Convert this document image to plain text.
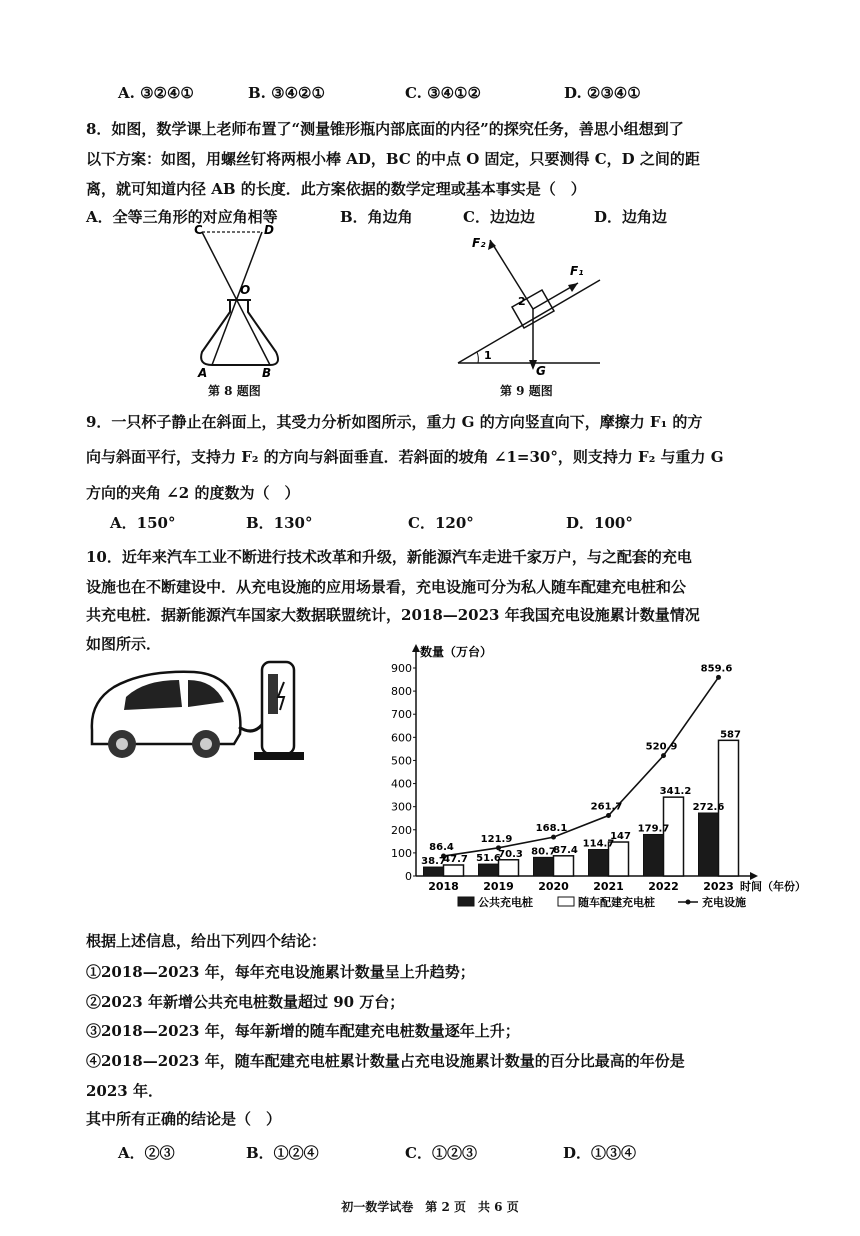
A. ③②④①	B. ③④②①	C. ③④①②	D. ②③④①
8．如图，数学课上老师布置了“测量锥形瓶内部底面的内径”的探究任务，善思小组想到了
以下方案：如图，用螺丝钉将两根小棒 AD，BC 的中点 O 固定，只要测得 C，D 之间的距
离，就可知道内径 AB 的长度．此方案依据的数学定理或基本事实是（　）
A．全等三角形的对应角相等	B．角边角	C．边边边	D．边角边
C	D
O
A	B
第 8 题图
F₂
F₁
G
1
2
第 9 题图
9．一只杯子静止在斜面上，其受力分析如图所示，重力 G 的方向竖直向下，摩擦力 F₁ 的方
向与斜面平行，支持力 F₂ 的方向与斜面垂直．若斜面的坡角 ∠1=30°，则支持力 F₂ 与重力 G
方向的夹角 ∠2 的度数为（　）
A．150°	B．130°	C．120°	D．100°
10．近年来汽车工业不断进行技术改革和升级，新能源汽车走进千家万户，与之配套的充电
设施也在不断建设中．从充电设施的应用场景看，充电设施可分为私人随车配建充电桩和公
共充电桩．据新能源汽车国家大数据联盟统计，2018—2023 年我国充电设施累计数量情况
如图所示．	数量（万台）
0
100
200
300
400
500
600
700
800
900
38.7
47.7
2018
51.6
70.3
2019
80.7
87.4
2020
114.7
147
2021
179.7
341.2
2022
272.6
587
2023 时间（年份）
86.4
121.9
168.1
261.7
520.9
859.6
公共充电桩	随车配建充电桩	充电设施
根据上述信息，给出下列四个结论：
①2018—2023 年，每年充电设施累计数量呈上升趋势；
②2023 年新增公共充电桩数量超过 90 万台；
③2018—2023 年，每年新增的随车配建充电桩数量逐年上升；
④2018—2023 年，随车配建充电桩累计数量占充电设施累计数量的百分比最高的年份是
2023 年．
其中所有正确的结论是（　）
A．②③	B．①②④	C．①②③	D．①③④
初一数学试卷　第 2 页　共 6 页
